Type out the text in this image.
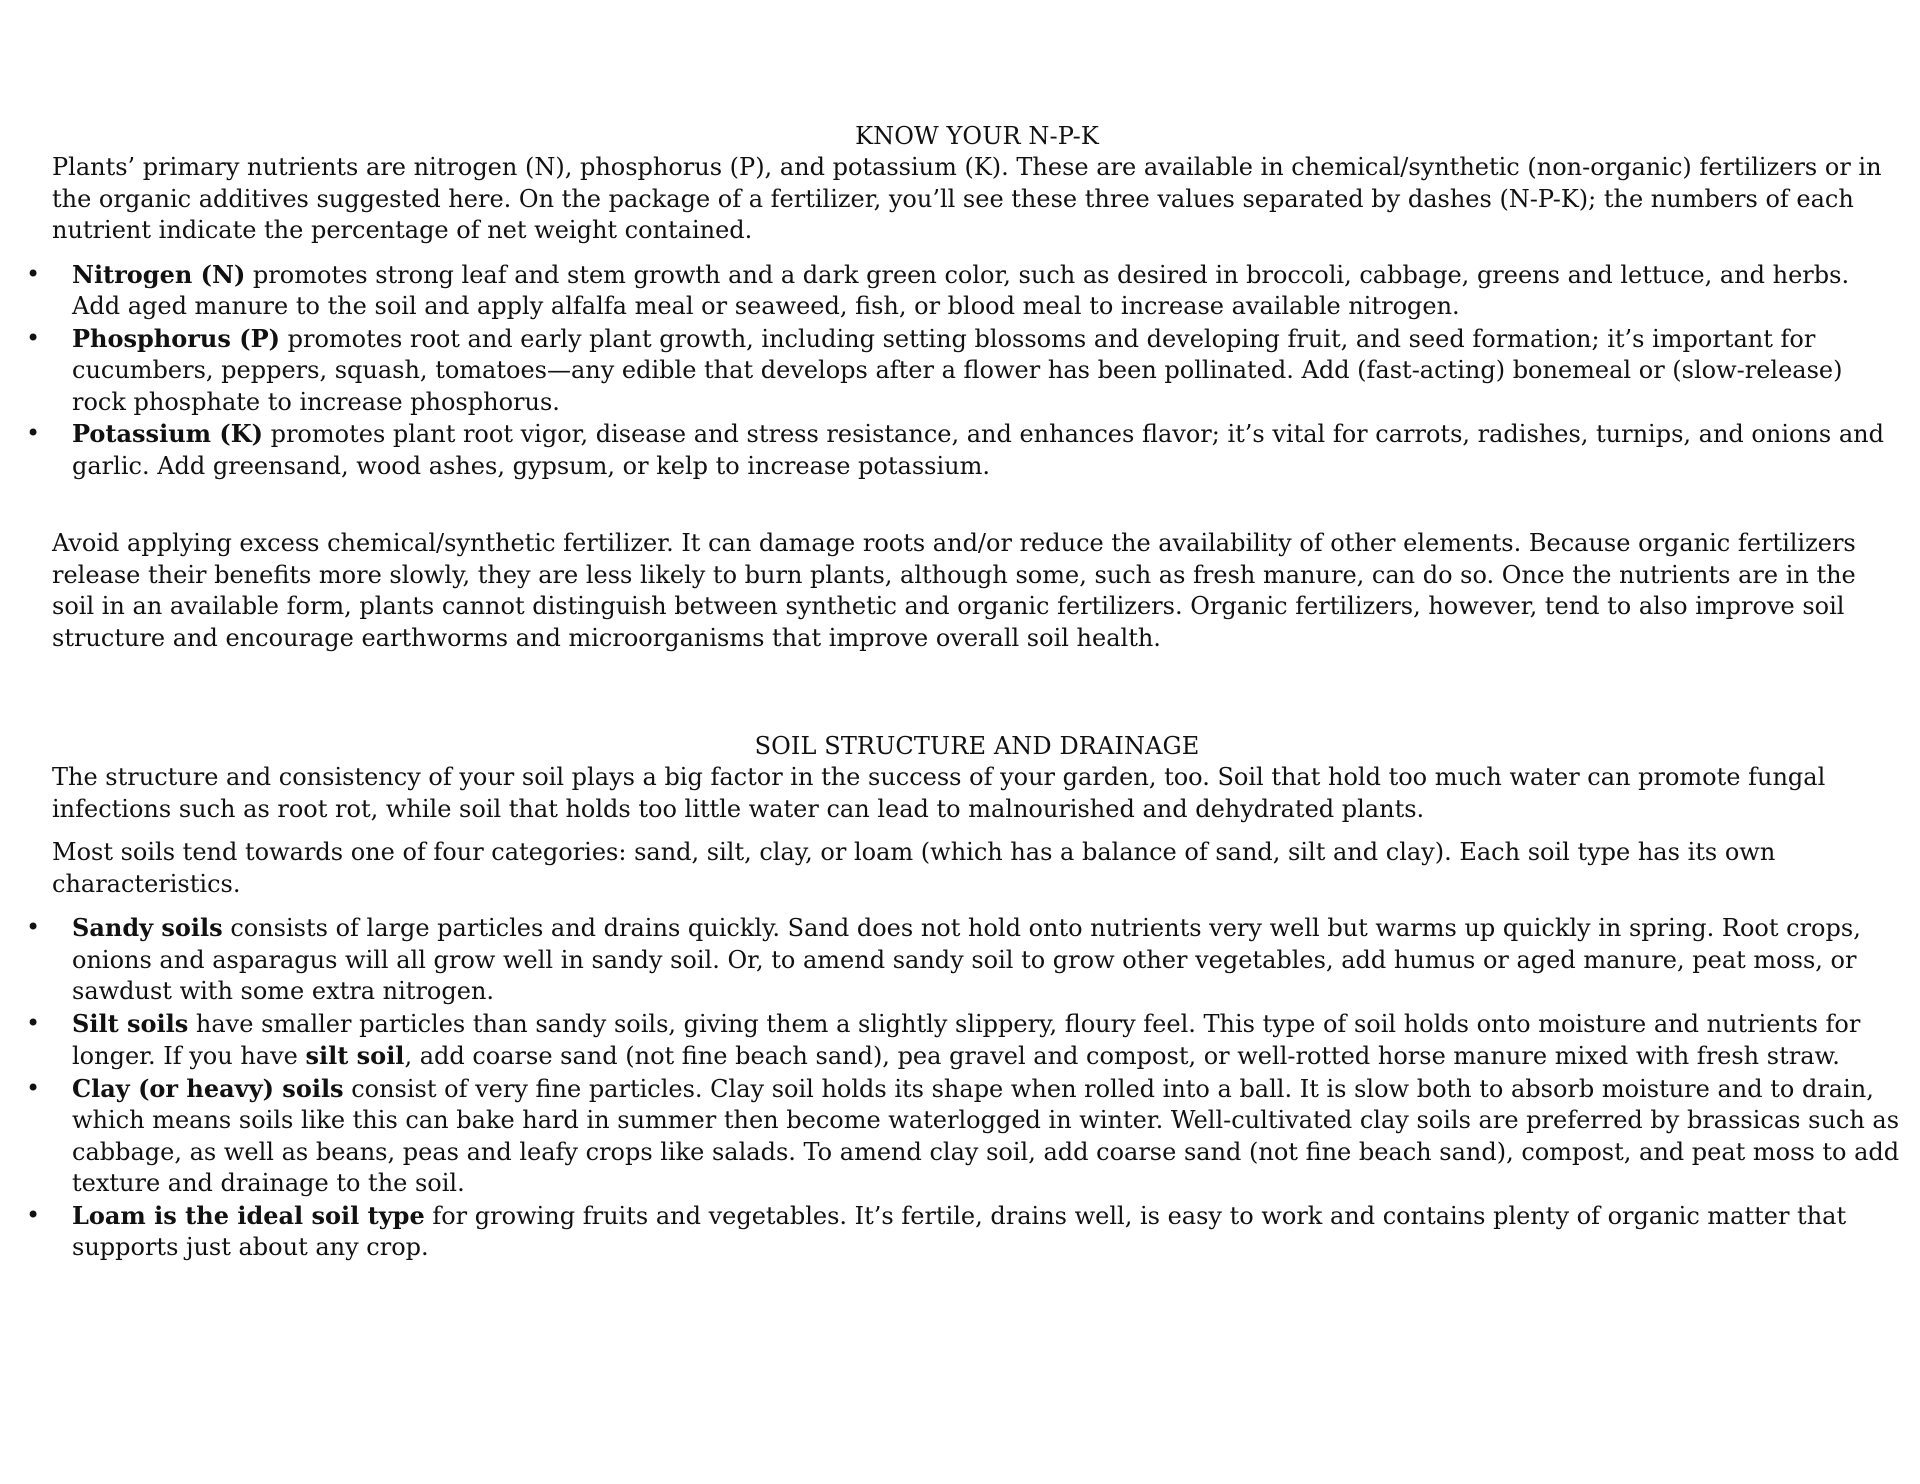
KNOW YOUR N-P-K

Plants’ primary nutrients are nitrogen (N), phosphorus (P), and potassium (K). These are available in chemical/synthetic (non-organic) fertilizers or in the organic additives suggested here. On the package of a fertilizer, you’ll see these three values separated by dashes (N-P-K); the numbers of each nutrient indicate the percentage of net weight contained.

• Nitrogen (N) promotes strong leaf and stem growth and a dark green color, such as desired in broccoli, cabbage, greens and lettuce, and herbs. Add aged manure to the soil and apply alfalfa meal or seaweed, fish, or blood meal to increase available nitrogen.
• Phosphorus (P) promotes root and early plant growth, including setting blossoms and developing fruit, and seed formation; it’s important for cucumbers, peppers, squash, tomatoes—any edible that develops after a flower has been pollinated. Add (fast-acting) bonemeal or (slow-release) rock phosphate to increase phosphorus.
• Potassium (K) promotes plant root vigor, disease and stress resistance, and enhances flavor; it’s vital for carrots, radishes, turnips, and onions and garlic. Add greensand, wood ashes, gypsum, or kelp to increase potassium.

Avoid applying excess chemical/synthetic fertilizer. It can damage roots and/or reduce the availability of other elements. Because organic fertilizers release their benefits more slowly, they are less likely to burn plants, although some, such as fresh manure, can do so. Once the nutrients are in the soil in an available form, plants cannot distinguish between synthetic and organic fertilizers. Organic fertilizers, however, tend to also improve soil structure and encourage earthworms and microorganisms that improve overall soil health.

SOIL STRUCTURE AND DRAINAGE

The structure and consistency of your soil plays a big factor in the success of your garden, too. Soil that hold too much water can promote fungal infections such as root rot, while soil that holds too little water can lead to malnourished and dehydrated plants.

Most soils tend towards one of four categories: sand, silt, clay, or loam (which has a balance of sand, silt and clay). Each soil type has its own characteristics.

• Sandy soils consists of large particles and drains quickly. Sand does not hold onto nutrients very well but warms up quickly in spring. Root crops, onions and asparagus will all grow well in sandy soil. Or, to amend sandy soil to grow other vegetables, add humus or aged manure, peat moss, or sawdust with some extra nitrogen.
• Silt soils have smaller particles than sandy soils, giving them a slightly slippery, floury feel. This type of soil holds onto moisture and nutrients for longer. If you have silt soil, add coarse sand (not fine beach sand), pea gravel and compost, or well-rotted horse manure mixed with fresh straw.
• Clay (or heavy) soils consist of very fine particles. Clay soil holds its shape when rolled into a ball. It is slow both to absorb moisture and to drain, which means soils like this can bake hard in summer then become waterlogged in winter. Well-cultivated clay soils are preferred by brassicas such as cabbage, as well as beans, peas and leafy crops like salads. To amend clay soil, add coarse sand (not fine beach sand), compost, and peat moss to add texture and drainage to the soil.
• Loam is the ideal soil type for growing fruits and vegetables. It’s fertile, drains well, is easy to work and contains plenty of organic matter that supports just about any crop.
